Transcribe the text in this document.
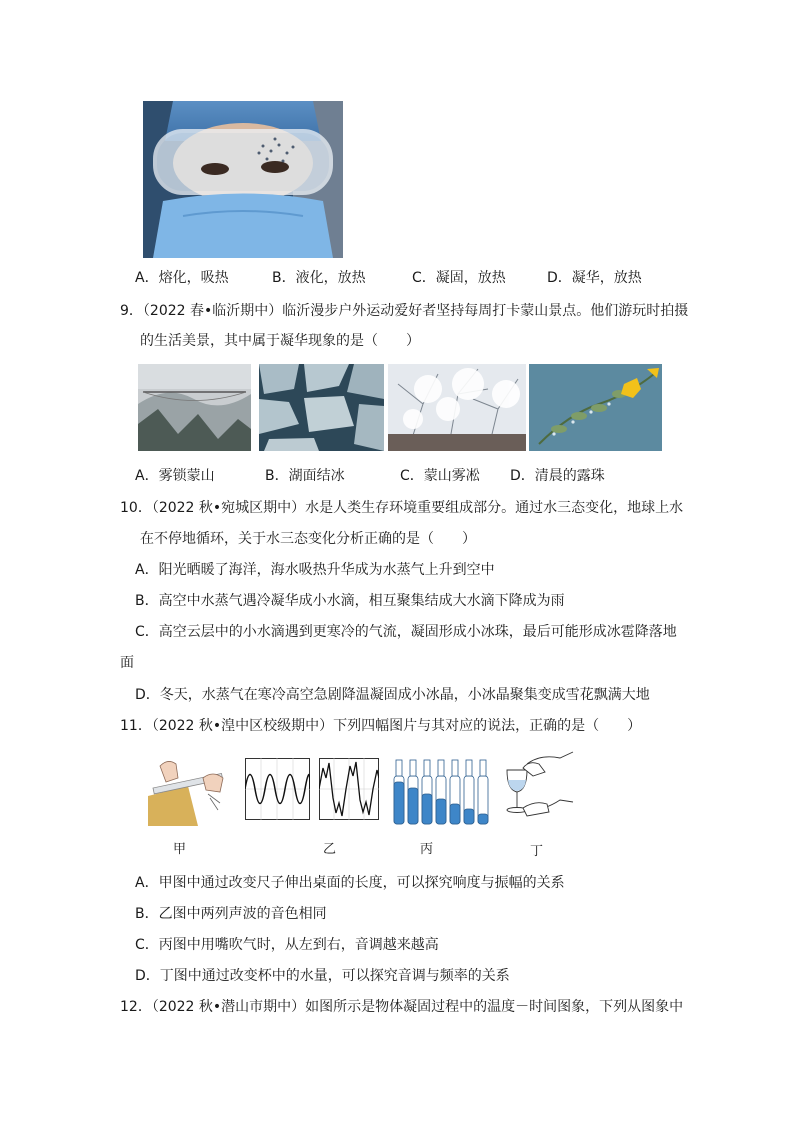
A．熔化，吸热	B．液化，放热	C．凝固，放热	D．凝华，放热
9．（2022 春•临沂期中）临沂漫步户外运动爱好者坚持每周打卡蒙山景点。他们游玩时拍摄
的生活美景，其中属于凝华现象的是（　　）
A．雾锁蒙山	B．湖面结冰	C．蒙山雾凇 D．清晨的露珠
10．（2022 秋•宛城区期中）水是人类生存环境重要组成部分。通过水三态变化，地球上水
在不停地循环，关于水三态变化分析正确的是（　　）
A．阳光晒暖了海洋，海水吸热升华成为水蒸气上升到空中
B．高空中水蒸气遇冷凝华成小水滴，相互聚集结成大水滴下降成为雨
C．高空云层中的小水滴遇到更寒冷的气流，凝固形成小冰珠，最后可能形成冰雹降落地
面
D．冬天，水蒸气在寒冷高空急剧降温凝固成小冰晶，小冰晶聚集变成雪花飘满大地
11．（2022 秋•湟中区校级期中）下列四幅图片与其对应的说法，正确的是（　　）
甲	乙	丙	丁
A．甲图中通过改变尺子伸出桌面的长度，可以探究响度与振幅的关系
B．乙图中两列声波的音色相同
C．丙图中用嘴吹气时，从左到右，音调越来越高
D．丁图中通过改变杯中的水量，可以探究音调与频率的关系
12．（2022 秋•潜山市期中）如图所示是物体凝固过程中的温度－时间图象，下列从图象中
